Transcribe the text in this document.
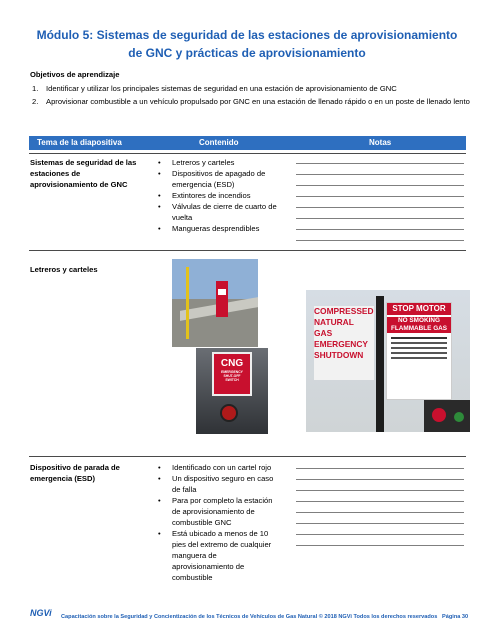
Módulo 5: Sistemas de seguridad de las estaciones de aprovisionamiento
de GNC y prácticas de aprovisionamiento
Objetivos de aprendizaje
1. Identificar y utilizar los principales sistemas de seguridad en una estación de aprovisionamiento de GNC
2. Aprovisionar combustible a un vehículo propulsado por GNC en una estación de llenado rápido o en un poste de llenado lento
Tema de la diapositiva	Contenido	Notas
Sistemas de seguridad de las estaciones de aprovisionamiento de GNC
• Letreros y carteles
• Dispositivos de apagado de emergencia (ESD)
• Extintores de incendios
• Válvulas de cierre de cuarto de vuelta
• Mangueras desprendibles
Letreros y carteles
CNG
EMERGENCY
SHUT-OFF
SWITCH
COMPRESSED
NATURAL GAS
EMERGENCY
SHUTDOWN
STOP MOTOR
NO SMOKING
FLAMMABLE GAS
Dispositivo de parada de emergencia (ESD)
• Identificado con un cartel rojo
• Un dispositivo seguro en caso de falla
• Para por completo la estación de aprovisionamiento de combustible GNC
• Está ubicado a menos de 10 pies del extremo de cualquier manguera de aprovisionamiento de combustible
NGVi Capacitación sobre la Seguridad y Concientización de los Técnicos de Vehículos de Gas Natural © 2018 NGVi Todos los derechos reservados Página 30
